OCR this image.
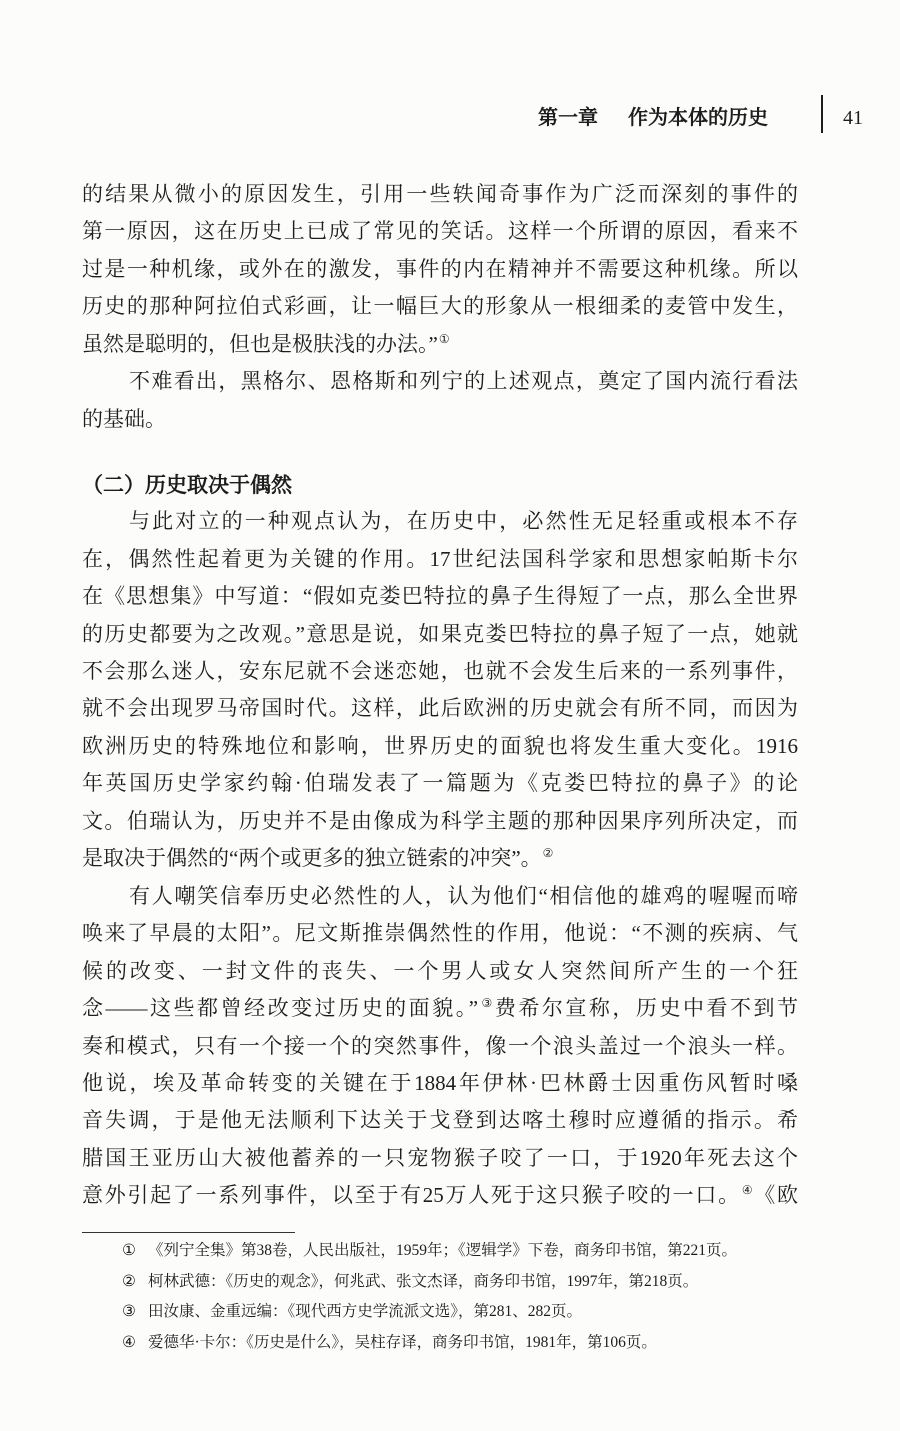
第一章 作为本体的历史	41
的结果从微小的原因发生，引用一些轶闻奇事作为广泛而深刻的事件的
第一原因，这在历史上已成了常见的笑话。这样一个所谓的原因，看来不
过是一种机缘，或外在的激发，事件的内在精神并不需要这种机缘。所以
历史的那种阿拉伯式彩画，让一幅巨大的形象从一根细柔的麦管中发生，
虽然是聪明的，但也是极肤浅的办法。”①
不难看出，黑格尔、恩格斯和列宁的上述观点，奠定了国内流行看法
的基础。
（二）历史取决于偶然
与此对立的一种观点认为，在历史中，必然性无足轻重或根本不存
在，偶然性起着更为关键的作用。17世纪法国科学家和思想家帕斯卡尔
在《思想集》中写道：“假如克娄巴特拉的鼻子生得短了一点，那么全世界
的历史都要为之改观。”意思是说，如果克娄巴特拉的鼻子短了一点，她就
不会那么迷人，安东尼就不会迷恋她，也就不会发生后来的一系列事件，
就不会出现罗马帝国时代。这样，此后欧洲的历史就会有所不同，而因为
欧洲历史的特殊地位和影响，世界历史的面貌也将发生重大变化。1916
年英国历史学家约翰·伯瑞发表了一篇题为《克娄巴特拉的鼻子》的论
文。伯瑞认为，历史并不是由像成为科学主题的那种因果序列所决定，而
是取决于偶然的“两个或更多的独立链索的冲突”。②
有人嘲笑信奉历史必然性的人，认为他们“相信他的雄鸡的喔喔而啼
唤来了早晨的太阳”。尼文斯推崇偶然性的作用，他说：“不测的疾病、气
候的改变、一封文件的丧失、一个男人或女人突然间所产生的一个狂
念——这些都曾经改变过历史的面貌。”③费希尔宣称，历史中看不到节
奏和模式，只有一个接一个的突然事件，像一个浪头盖过一个浪头一样。
他说，埃及革命转变的关键在于1884年伊林·巴林爵士因重伤风暂时嗓
音失调，于是他无法顺利下达关于戈登到达喀土穆时应遵循的指示。希
腊国王亚历山大被他蓄养的一只宠物猴子咬了一口，于1920年死去这个
意外引起了一系列事件，以至于有25万人死于这只猴子咬的一口。④《欧
① 《列宁全集》第38卷，人民出版社，1959年；《逻辑学》下卷，商务印书馆，第221页。
② 柯林武德：《历史的观念》，何兆武、张文杰译，商务印书馆，1997年，第218页。
③ 田汝康、金重远编：《现代西方史学流派文选》，第281、282页。
④ 爱德华·卡尔：《历史是什么》，吴柱存译，商务印书馆，1981年，第106页。
